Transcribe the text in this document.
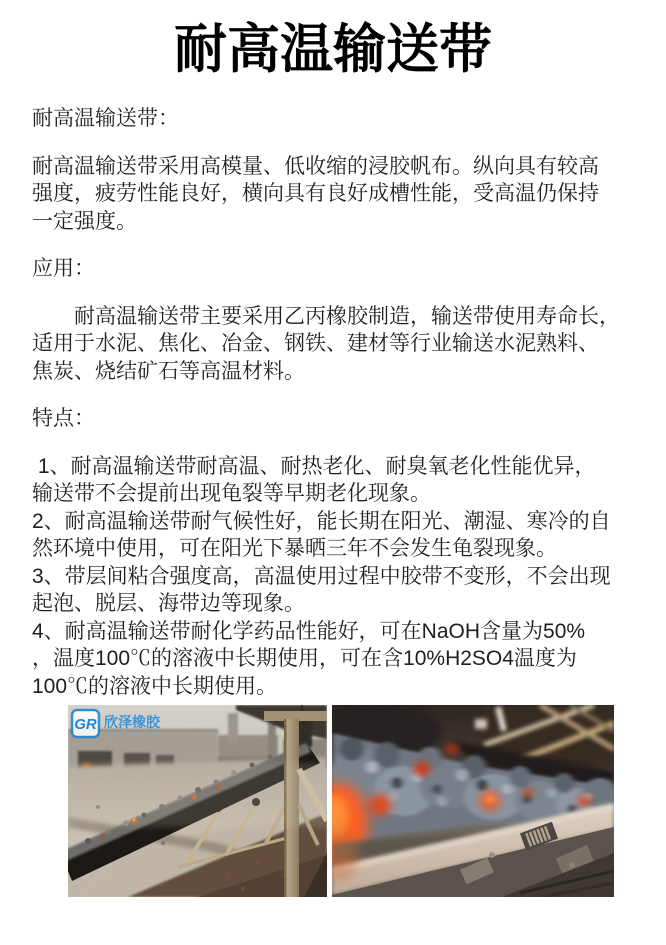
耐高温输送带

耐高温输送带：

耐高温输送带采用高模量、低收缩的浸胶帆布。纵向具有较高
强度，疲劳性能良好，横向具有良好成槽性能，受高温仍保持
一定强度。

应用：

　　耐高温输送带主要采用乙丙橡胶制造，输送带使用寿命长，
适用于水泥、焦化、冶金、钢铁、建材等行业输送水泥熟料、
焦炭、烧结矿石等高温材料。

特点：

1、耐高温输送带耐高温、耐热老化、耐臭氧老化性能优异，
输送带不会提前出现龟裂等早期老化现象。
2、耐高温输送带耐气候性好，能长期在阳光、潮湿、寒冷的自
然环境中使用，可在阳光下暴晒三年不会发生龟裂现象。
3、带层间粘合强度高，高温使用过程中胶带不变形，不会出现
起泡、脱层、海带边等现象。
4、耐高温输送带耐化学药品性能好，可在NaOH含量为50%
，温度100℃的溶液中长期使用，可在含10%H2SO4温度为
100℃的溶液中长期使用。

GR 欣泽橡胶
GRAND RUBBER
